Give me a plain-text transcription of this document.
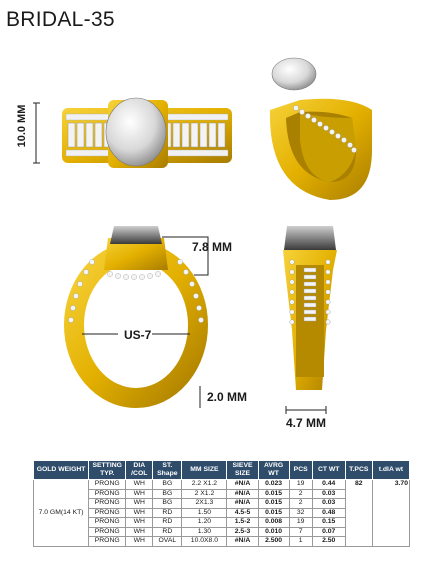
BRIDAL-35
10.0 MM
7.8 MM
US-7
2.0 MM
4.7 MM
GOLD WEIGHT	SETTING TYP.	DIA /COL	ST. Shape	MM SIZE	SIEVE SIZE	AVRG WT	PCS	CT WT	T.PCS	t.dIA wt
7.0 GM(14 KT)	PRONG	WH	BG	2.2 X1.2	#N/A	0.023	19	0.44	82	3.70
	PRONG	WH	BG	2 X1.2	#N/A	0.015	2	0.03		
	PRONG	WH	BG	2X1.3	#N/A	0.015	2	0.03		
	PRONG	WH	RD	1.50	4.5-5	0.015	32	0.48		
	PRONG	WH	RD	1.20	1.5-2	0.008	19	0.15		
	PRONG	WH	RD	1.30	2.5-3	0.010	7	0.07		
	PRONG	WH	OVAL	10.0X8.0	#N/A	2.500	1	2.50		
